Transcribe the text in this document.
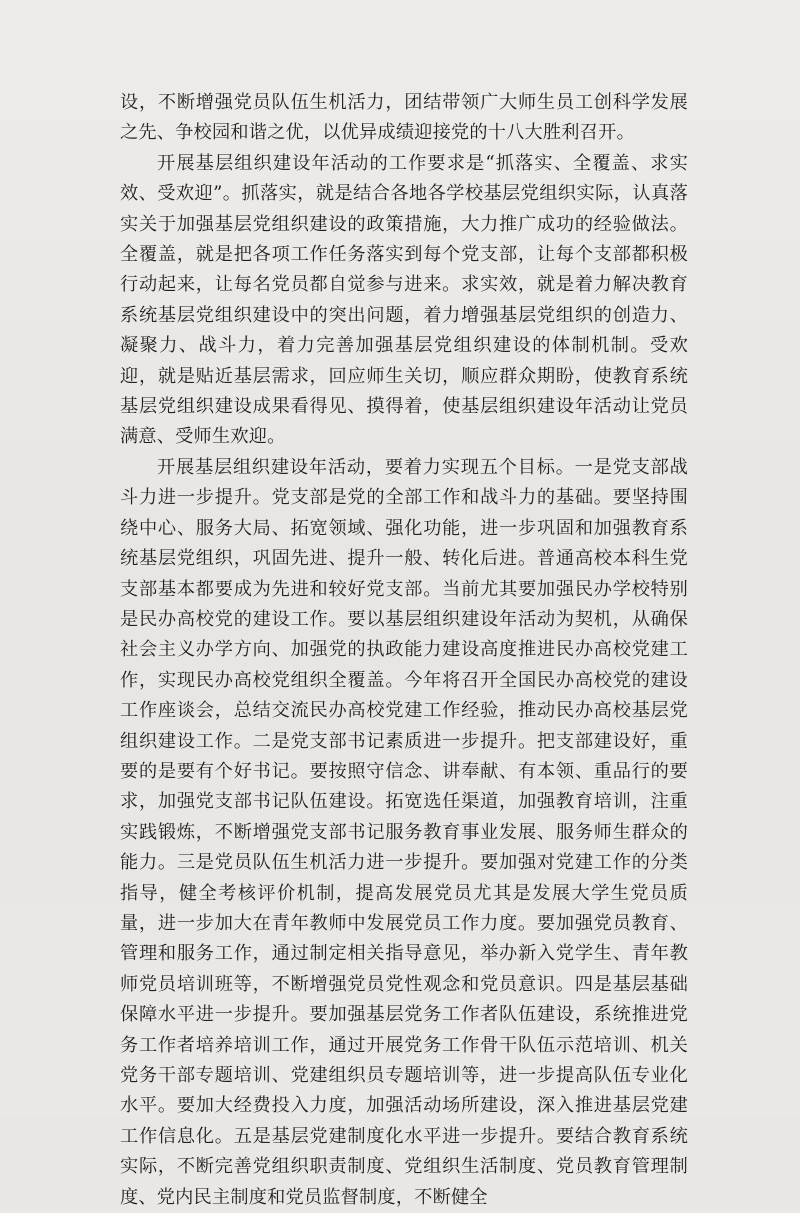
设，不断增强党员队伍生机活力，团结带领广大师生员工创科学发展之先、争校园和谐之优，以优异成绩迎接党的十八大胜利召开。

开展基层组织建设年活动的工作要求是“抓落实、全覆盖、求实效、受欢迎”。抓落实，就是结合各地各学校基层党组织实际，认真落实关于加强基层党组织建设的政策措施，大力推广成功的经验做法。全覆盖，就是把各项工作任务落实到每个党支部，让每个支部都积极行动起来，让每名党员都自觉参与进来。求实效，就是着力解决教育系统基层党组织建设中的突出问题，着力增强基层党组织的创造力、凝聚力、战斗力，着力完善加强基层党组织建设的体制机制。受欢迎，就是贴近基层需求，回应师生关切，顺应群众期盼，使教育系统基层党组织建设成果看得见、摸得着，使基层组织建设年活动让党员满意、受师生欢迎。

开展基层组织建设年活动，要着力实现五个目标。一是党支部战斗力进一步提升。党支部是党的全部工作和战斗力的基础。要坚持围绕中心、服务大局、拓宽领域、强化功能，进一步巩固和加强教育系统基层党组织，巩固先进、提升一般、转化后进。普通高校本科生党支部基本都要成为先进和较好党支部。当前尤其要加强民办学校特别是民办高校党的建设工作。要以基层组织建设年活动为契机，从确保社会主义办学方向、加强党的执政能力建设高度推进民办高校党建工作，实现民办高校党组织全覆盖。今年将召开全国民办高校党的建设工作座谈会，总结交流民办高校党建工作经验，推动民办高校基层党组织建设工作。二是党支部书记素质进一步提升。把支部建设好，重要的是要有个好书记。要按照守信念、讲奉献、有本领、重品行的要求，加强党支部书记队伍建设。拓宽选任渠道，加强教育培训，注重实践锻炼，不断增强党支部书记服务教育事业发展、服务师生群众的能力。三是党员队伍生机活力进一步提升。要加强对党建工作的分类指导，健全考核评价机制，提高发展党员尤其是发展大学生党员质量，进一步加大在青年教师中发展党员工作力度。要加强党员教育、管理和服务工作，通过制定相关指导意见，举办新入党学生、青年教师党员培训班等，不断增强党员党性观念和党员意识。四是基层基础保障水平进一步提升。要加强基层党务工作者队伍建设，系统推进党务工作者培养培训工作，通过开展党务工作骨干队伍示范培训、机关党务干部专题培训、党建组织员专题培训等，进一步提高队伍专业化水平。要加大经费投入力度，加强活动场所建设，深入推进基层党建工作信息化。五是基层党建制度化水平进一步提升。要结合教育系统实际，不断完善党组织职责制度、党组织生活制度、党员教育管理制度、党内民主制度和党员监督制度，不断健全
